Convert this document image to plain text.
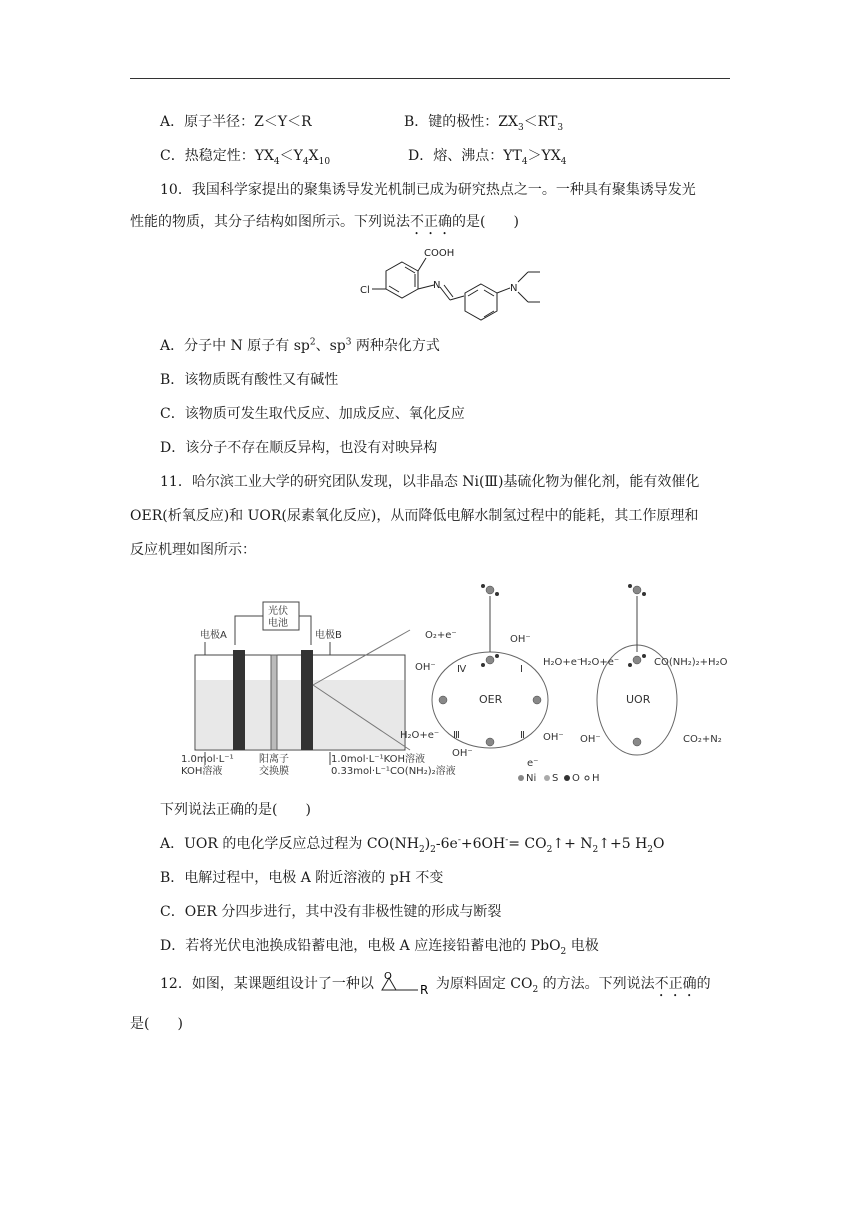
A．原子半径：Z＜Y＜R	B．键的极性：$ZX_3<RT_3$
C．热稳定性：$YX_4<Y_4X_{10}$	D．熔、沸点：$YT_4>YX_4$
10．我国科学家提出的聚集诱导发光机制已成为研究热点之一。一种具有聚集诱导发光
性能的物质，其分子结构如图所示。下列说法不正确的是(　　)
COOH
Cl	N	N
A．分子中 N 原子有 $sp^2$、$sp^3$ 两种杂化方式
B．该物质既有酸性又有碱性
C．该物质可发生取代反应、加成反应、氧化反应
D．该分子不存在顺反异构，也没有对映异构
11．哈尔滨工业大学的研究团队发现，以非晶态 Ni(Ⅲ)基硫化物为催化剂，能有效催化
OER(析氧反应)和 UOR(尿素氧化反应)，从而降低电解水制氢过程中的能耗，其工作原理和
反应机理如图所示：
光伏
电池
电极A	电极B
1.0mol·L⁻¹
KOH溶液
阳离子
交换膜
1.0mol·L⁻¹KOH溶液
0.33mol·L⁻¹CO(NH₂)₂溶液
OER
O₂+e⁻	OH⁻
OH⁻	H₂O+e⁻
H₂O+e⁻	OH⁻
OH⁻
Ⅳ	Ⅰ
Ⅱ
Ⅲ
e⁻
UOR
H₂O+e⁻	CO(NH₂)₂+H₂O
OH⁻	CO₂+N₂
Ni S O H
下列说法正确的是(　　)
A．UOR 的电化学反应总过程为 $CO(NH_2)_2-6e^-+6OH^-=$ $CO_2↑+$ $N_2↑+5$ $H_2O$
B．电解过程中，电极 A 附近溶液的 pH 不变
C．OER 分四步进行，其中没有非极性键的形成与断裂
D．若将光伏电池换成铅蓄电池，电极 A 应连接铅蓄电池的 PbO$_2$ 电极
12．如图，某课题组设计了一种以 O
R 为原料固定 $CO_2$ 的方法。下列说法不正确的
是(　　)
